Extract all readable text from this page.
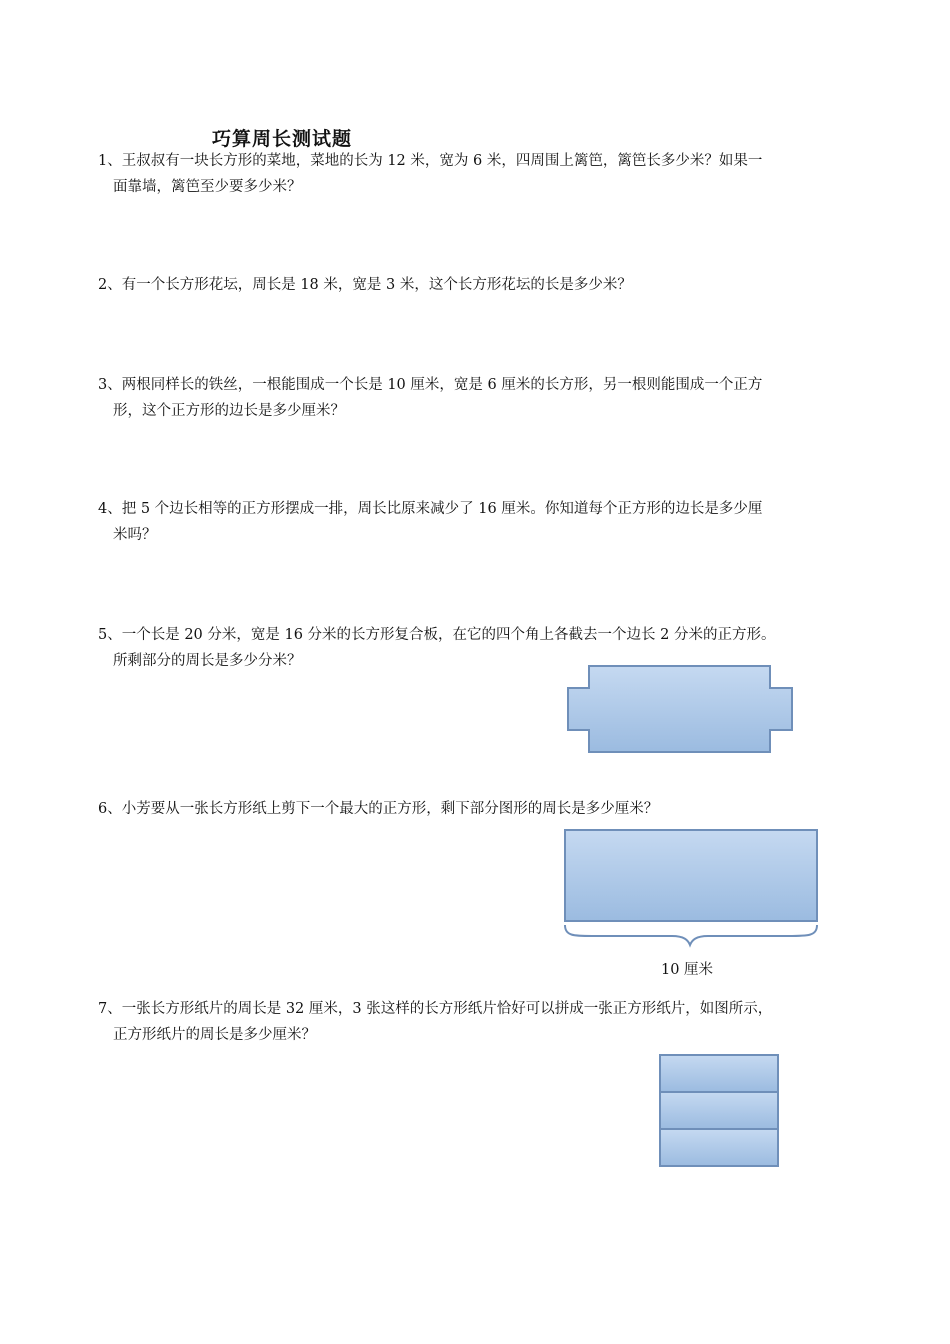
巧算周长测试题
1、王叔叔有一块长方形的菜地，菜地的长为 12 米，宽为 6 米，四周围上篱笆，篱笆长多少米？如果一
面靠墙，篱笆至少要多少米？
2、有一个长方形花坛，周长是 18 米，宽是 3 米，这个长方形花坛的长是多少米？
3、两根同样长的铁丝，一根能围成一个长是 10 厘米，宽是 6 厘米的长方形，另一根则能围成一个正方
形，这个正方形的边长是多少厘米？
4、把 5 个边长相等的正方形摆成一排，周长比原来减少了 16 厘米。你知道每个正方形的边长是多少厘
米吗？
5、一个长是 20 分米，宽是 16 分米的长方形复合板，在它的四个角上各截去一个边长 2 分米的正方形。
所剩部分的周长是多少分米？
6、小芳要从一张长方形纸上剪下一个最大的正方形，剩下部分图形的周长是多少厘米？
10 厘米
7、一张长方形纸片的周长是 32 厘米，3 张这样的长方形纸片恰好可以拼成一张正方形纸片，如图所示，
正方形纸片的周长是多少厘米？
